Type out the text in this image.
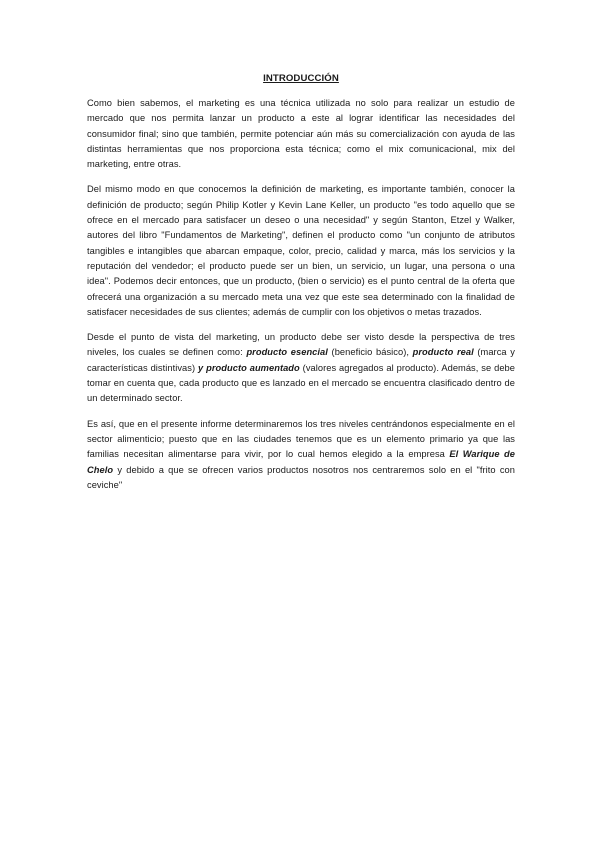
INTRODUCCIÓN

Como bien sabemos, el marketing es una técnica utilizada no solo para realizar un estudio de mercado que nos permita lanzar un producto a este al lograr identificar las necesidades del consumidor final; sino que también, permite potenciar aún más su comercialización con ayuda de las distintas herramientas que nos proporciona esta técnica; como el mix comunicacional, mix del marketing, entre otras.

Del mismo modo en que conocemos la definición de marketing, es importante también, conocer la definición de producto; según Philip Kotler y Kevin Lane Keller, un producto "es todo aquello que se ofrece en el mercado para satisfacer un deseo o una necesidad" y según Stanton, Etzel y Walker, autores del libro "Fundamentos de Marketing", definen el producto como "un conjunto de atributos tangibles e intangibles que abarcan empaque, color, precio, calidad y marca, más los servicios y la reputación del vendedor; el producto puede ser un bien, un servicio, un lugar, una persona o una idea". Podemos decir entonces, que un producto, (bien o servicio) es el punto central de la oferta que ofrecerá una organización a su mercado meta una vez que este sea determinado con la finalidad de satisfacer necesidades de sus clientes; además de cumplir con los objetivos o metas trazados.

Desde el punto de vista del marketing, un producto debe ser visto desde la perspectiva de tres niveles, los cuales se definen como: producto esencial (beneficio básico), producto real (marca y características distintivas) y producto aumentado (valores agregados al producto). Además, se debe tomar en cuenta que, cada producto que es lanzado en el mercado se encuentra clasificado dentro de un determinado sector.

Es así, que en el presente informe determinaremos los tres niveles centrándonos especialmente en el sector alimenticio; puesto que en las ciudades tenemos que es un elemento primario ya que las familias necesitan alimentarse para vivir, por lo cual hemos elegido a la empresa El Warique de Chelo y debido a que se ofrecen varios productos nosotros nos centraremos solo en el "frito con ceviche"
